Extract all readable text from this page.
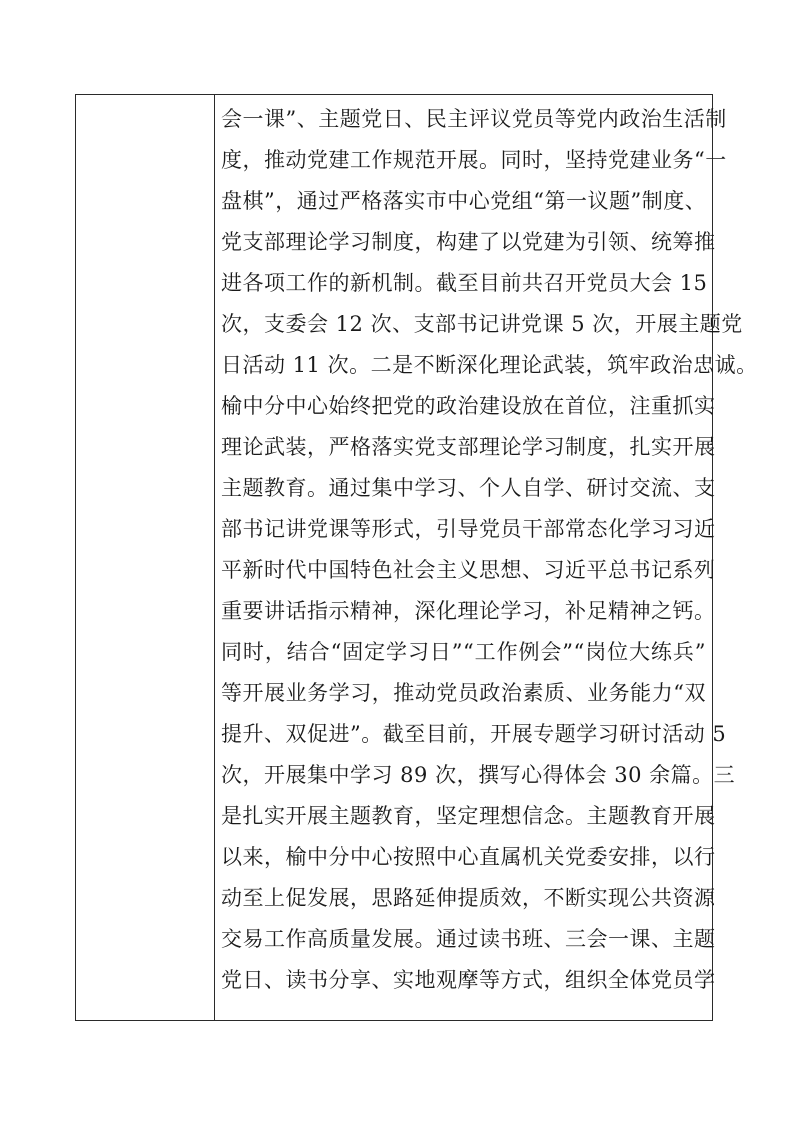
会一课”、主题党日、民主评议党员等党内政治生活制
度，推动党建工作规范开展。同时，坚持党建业务“一
盘棋”，通过严格落实市中心党组“第一议题”制度、
党支部理论学习制度，构建了以党建为引领、统筹推
进各项工作的新机制。截至目前共召开党员大会 15
次，支委会 12 次、支部书记讲党课 5 次，开展主题党
日活动 11 次。二是不断深化理论武装，筑牢政治忠诚。
榆中分中心始终把党的政治建设放在首位，注重抓实
理论武装，严格落实党支部理论学习制度，扎实开展
主题教育。通过集中学习、个人自学、研讨交流、支
部书记讲党课等形式，引导党员干部常态化学习习近
平新时代中国特色社会主义思想、习近平总书记系列
重要讲话指示精神，深化理论学习，补足精神之钙。
同时，结合“固定学习日”“工作例会”“岗位大练兵”
等开展业务学习，推动党员政治素质、业务能力“双
提升、双促进”。截至目前，开展专题学习研讨活动 5
次，开展集中学习 89 次，撰写心得体会 30 余篇。三
是扎实开展主题教育，坚定理想信念。主题教育开展
以来，榆中分中心按照中心直属机关党委安排，以行
动至上促发展，思路延伸提质效，不断实现公共资源
交易工作高质量发展。通过读书班、三会一课、主题
党日、读书分享、实地观摩等方式，组织全体党员学
